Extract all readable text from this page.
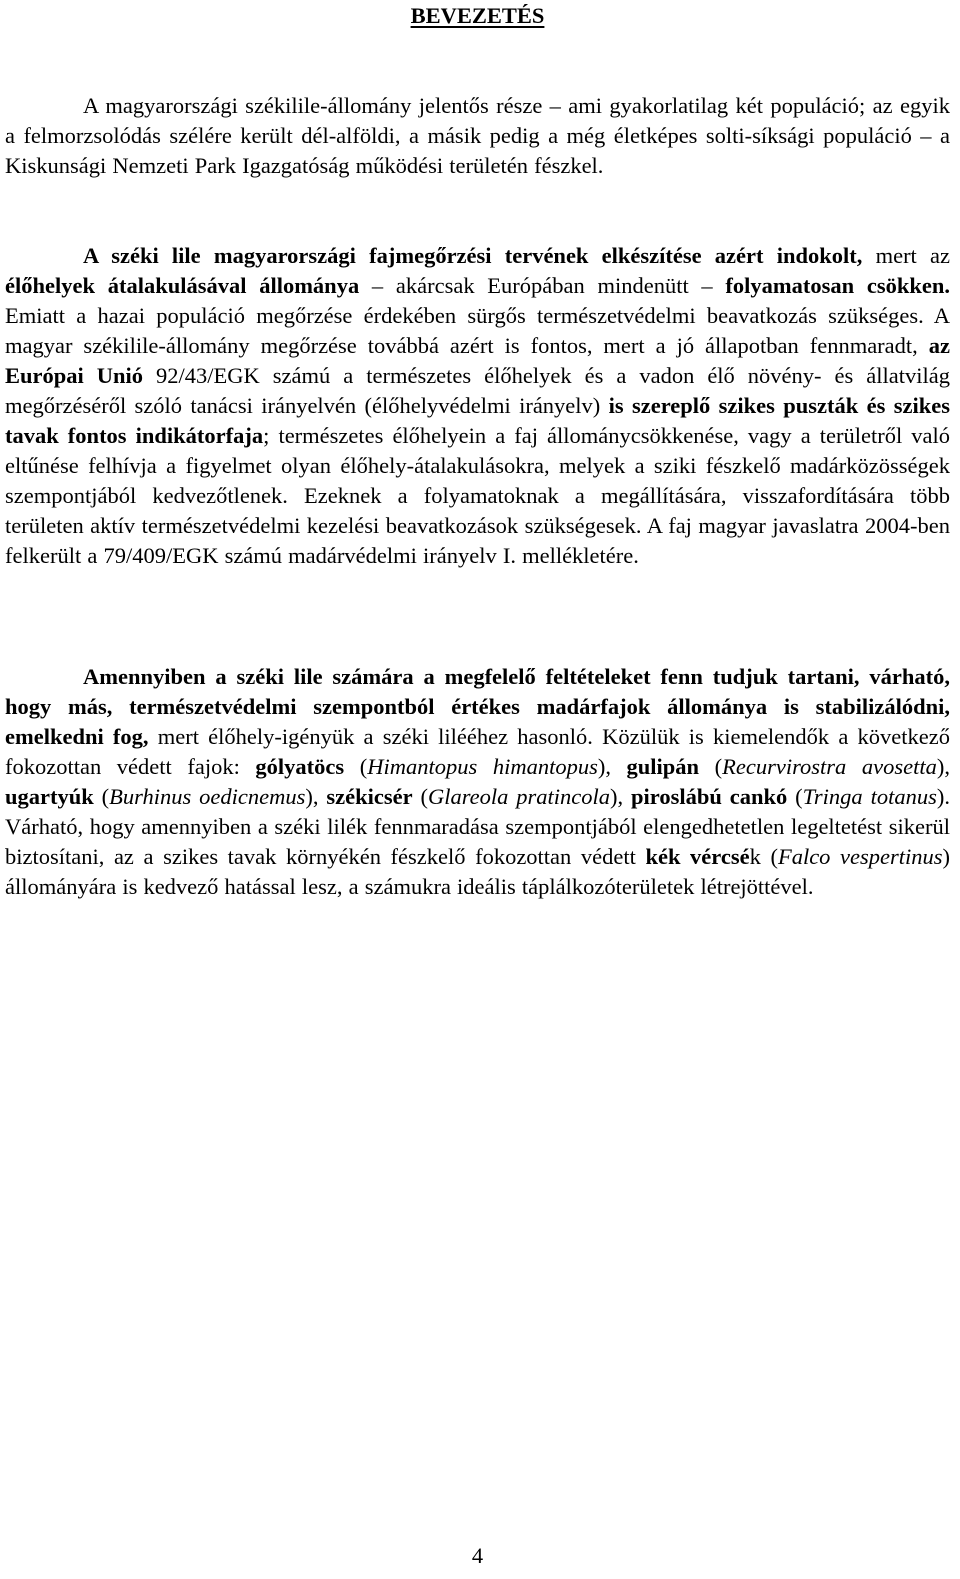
BEVEZETÉS

A magyarországi székilile-állomány jelentős része – ami gyakorlatilag két populáció; az egyik a felmorzsolódás szélére került dél-alföldi, a másik pedig a még életképes solti-síksági populáció – a Kiskunsági Nemzeti Park Igazgatóság működési területén fészkel.

A széki lile magyarországi fajmegőrzési tervének elkészítése azért indokolt, mert az élőhelyek átalakulásával állománya – akárcsak Európában mindenütt – folyamatosan csökken. Emiatt a hazai populáció megőrzése érdekében sürgős természetvédelmi beavatkozás szükséges. A magyar székilile-állomány megőrzése továbbá azért is fontos, mert a jó állapotban fennmaradt, az Európai Unió 92/43/EGK számú a természetes élőhelyek és a vadon élő növény- és állatvilág megőrzéséről szóló tanácsi irányelvén (élőhelyvédelmi irányelv) is szereplő szikes puszták és szikes tavak fontos indikátorfaja; természetes élőhelyein a faj állománycsökkenése, vagy a területről való eltűnése felhívja a figyelmet olyan élőhely-átalakulásokra, melyek a sziki fészkelő madárközösségek szempontjából kedvezőtlenek. Ezeknek a folyamatoknak a megállítására, visszafordítására több területen aktív természetvédelmi kezelési beavatkozások szükségesek. A faj magyar javaslatra 2004-ben felkerült a 79/409/EGK számú madárvédelmi irányelv I. mellékletére.

Amennyiben a széki lile számára a megfelelő feltételeket fenn tudjuk tartani, várható, hogy más, természetvédelmi szempontból értékes madárfajok állománya is stabilizálódni, emelkedni fog, mert élőhely-igényük a széki lilééhez hasonló. Közülük is kiemelendők a következő fokozottan védett fajok: gólyatöcs (Himantopus himantopus), gulipán (Recurvirostra avosetta), ugartyúk (Burhinus oedicnemus), székicsér (Glareola pratincola), piroslábú cankó (Tringa totanus). Várható, hogy amennyiben a széki lilék fennmaradása szempontjából elengedhetetlen legeltetést sikerül biztosítani, az a szikes tavak környékén fészkelő fokozottan védett kék vércsék (Falco vespertinus) állományára is kedvező hatással lesz, a számukra ideális táplálkozóterületek létrejöttével.

4
